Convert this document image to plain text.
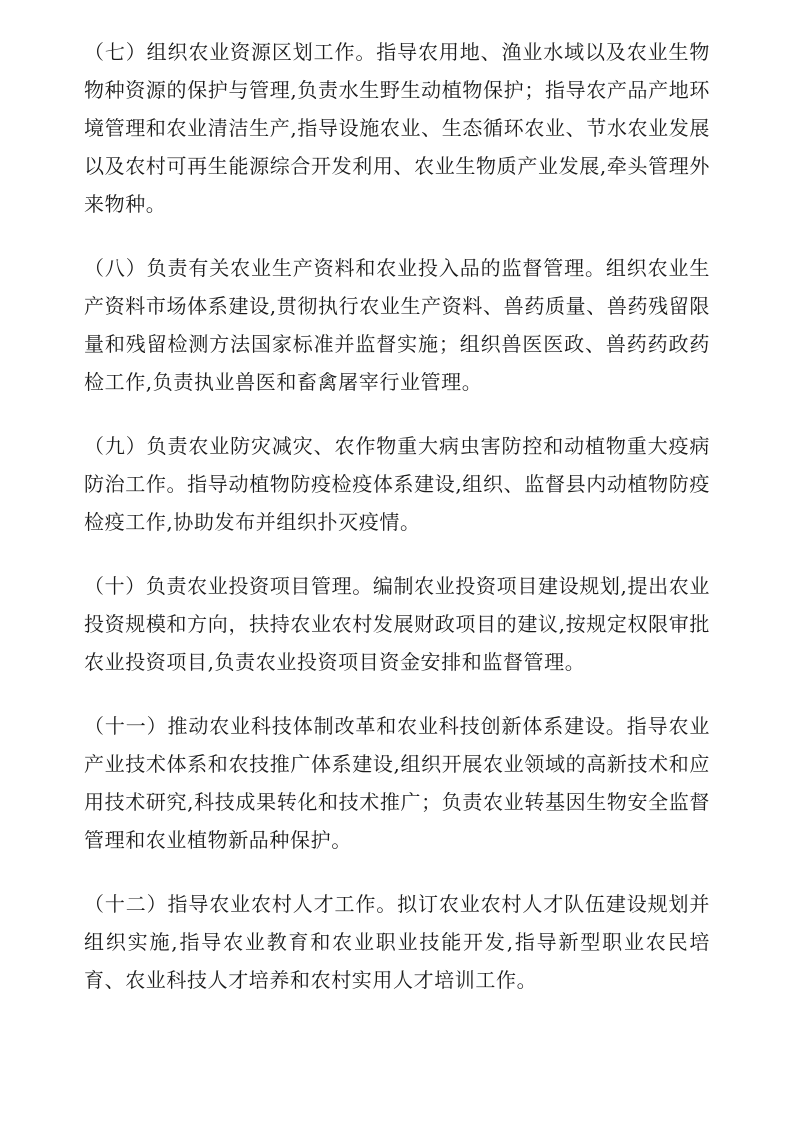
（七）组织农业资源区划工作。指导农用地、渔业水域以及农业生物物种资源的保护与管理,负责水生野生动植物保护；指导农产品产地环境管理和农业清洁生产,指导设施农业、生态循环农业、节水农业发展以及农村可再生能源综合开发利用、农业生物质产业发展,牵头管理外来物种。

（八）负责有关农业生产资料和农业投入品的监督管理。组织农业生产资料市场体系建设,贯彻执行农业生产资料、兽药质量、兽药残留限量和残留检测方法国家标准并监督实施；组织兽医医政、兽药药政药检工作,负责执业兽医和畜禽屠宰行业管理。

（九）负责农业防灾减灾、农作物重大病虫害防控和动植物重大疫病防治工作。指导动植物防疫检疫体系建设,组织、监督县内动植物防疫检疫工作,协助发布并组织扑灭疫情。

（十）负责农业投资项目管理。编制农业投资项目建设规划,提出农业投资规模和方向，扶持农业农村发展财政项目的建议,按规定权限审批农业投资项目,负责农业投资项目资金安排和监督管理。

（十一）推动农业科技体制改革和农业科技创新体系建设。指导农业产业技术体系和农技推广体系建设,组织开展农业领域的高新技术和应用技术研究,科技成果转化和技术推广；负责农业转基因生物安全监督管理和农业植物新品种保护。

（十二）指导农业农村人才工作。拟订农业农村人才队伍建设规划并组织实施,指导农业教育和农业职业技能开发,指导新型职业农民培育、农业科技人才培养和农村实用人才培训工作。
